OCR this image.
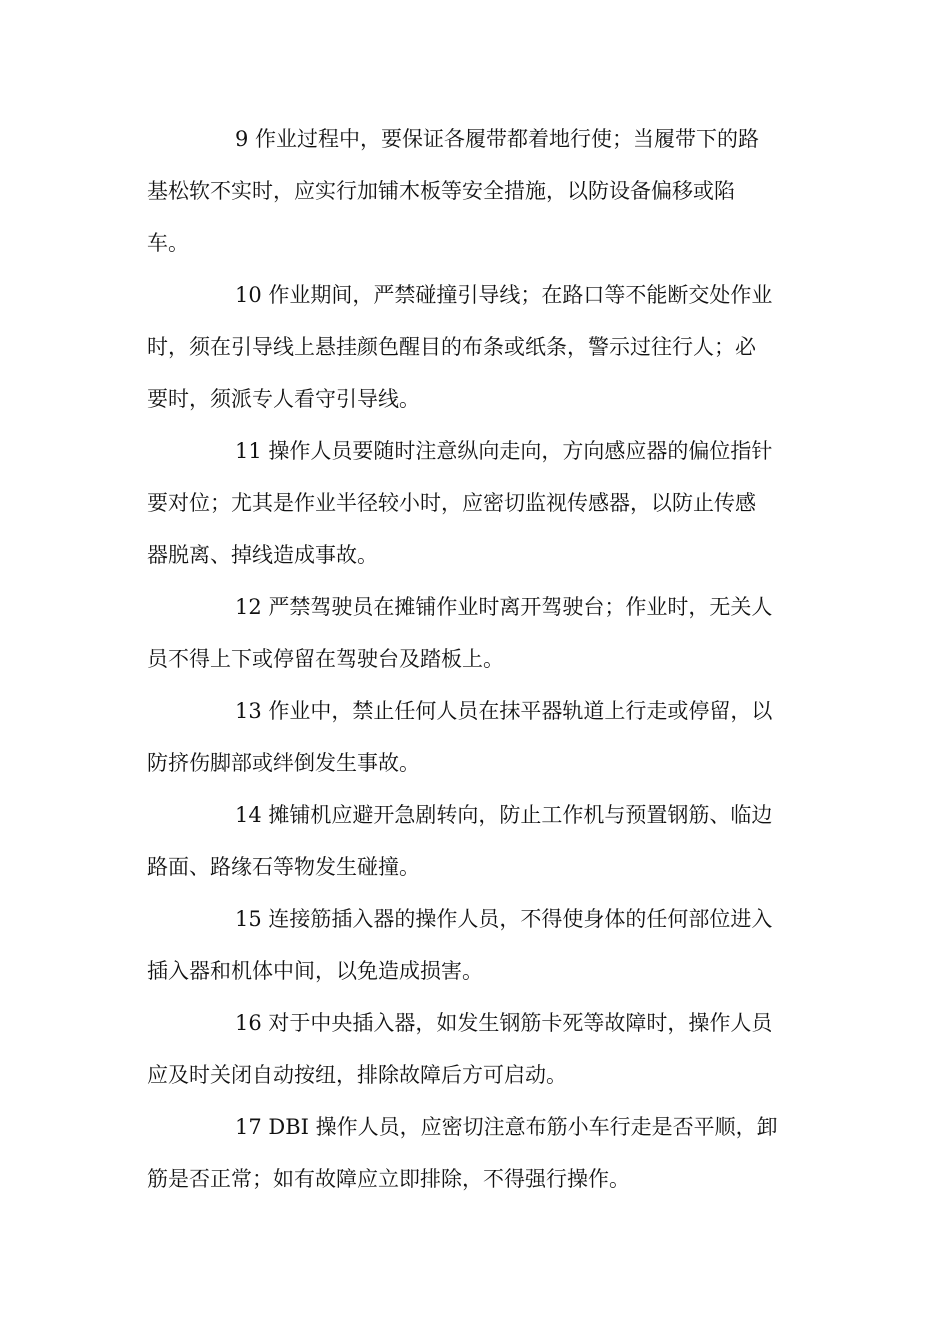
9 作业过程中，要保证各履带都着地行使；当履带下的路
基松软不实时，应实行加铺木板等安全措施，以防设备偏移或陷
车。

10 作业期间，严禁碰撞引导线；在路口等不能断交处作业
时，须在引导线上悬挂颜色醒目的布条或纸条，警示过往行人；必
要时，须派专人看守引导线。

11 操作人员要随时注意纵向走向，方向感应器的偏位指针
要对位；尤其是作业半径较小时，应密切监视传感器，以防止传感
器脱离、掉线造成事故。

12 严禁驾驶员在摊铺作业时离开驾驶台；作业时，无关人
员不得上下或停留在驾驶台及踏板上。

13 作业中，禁止任何人员在抹平器轨道上行走或停留，以
防挤伤脚部或绊倒发生事故。

14 摊铺机应避开急剧转向，防止工作机与预置钢筋、临边
路面、路缘石等物发生碰撞。

15 连接筋插入器的操作人员，不得使身体的任何部位进入
插入器和机体中间，以免造成损害。

16 对于中央插入器，如发生钢筋卡死等故障时，操作人员
应及时关闭自动按纽，排除故障后方可启动。

17 DBI 操作人员，应密切注意布筋小车行走是否平顺，卸
筋是否正常；如有故障应立即排除，不得强行操作。
